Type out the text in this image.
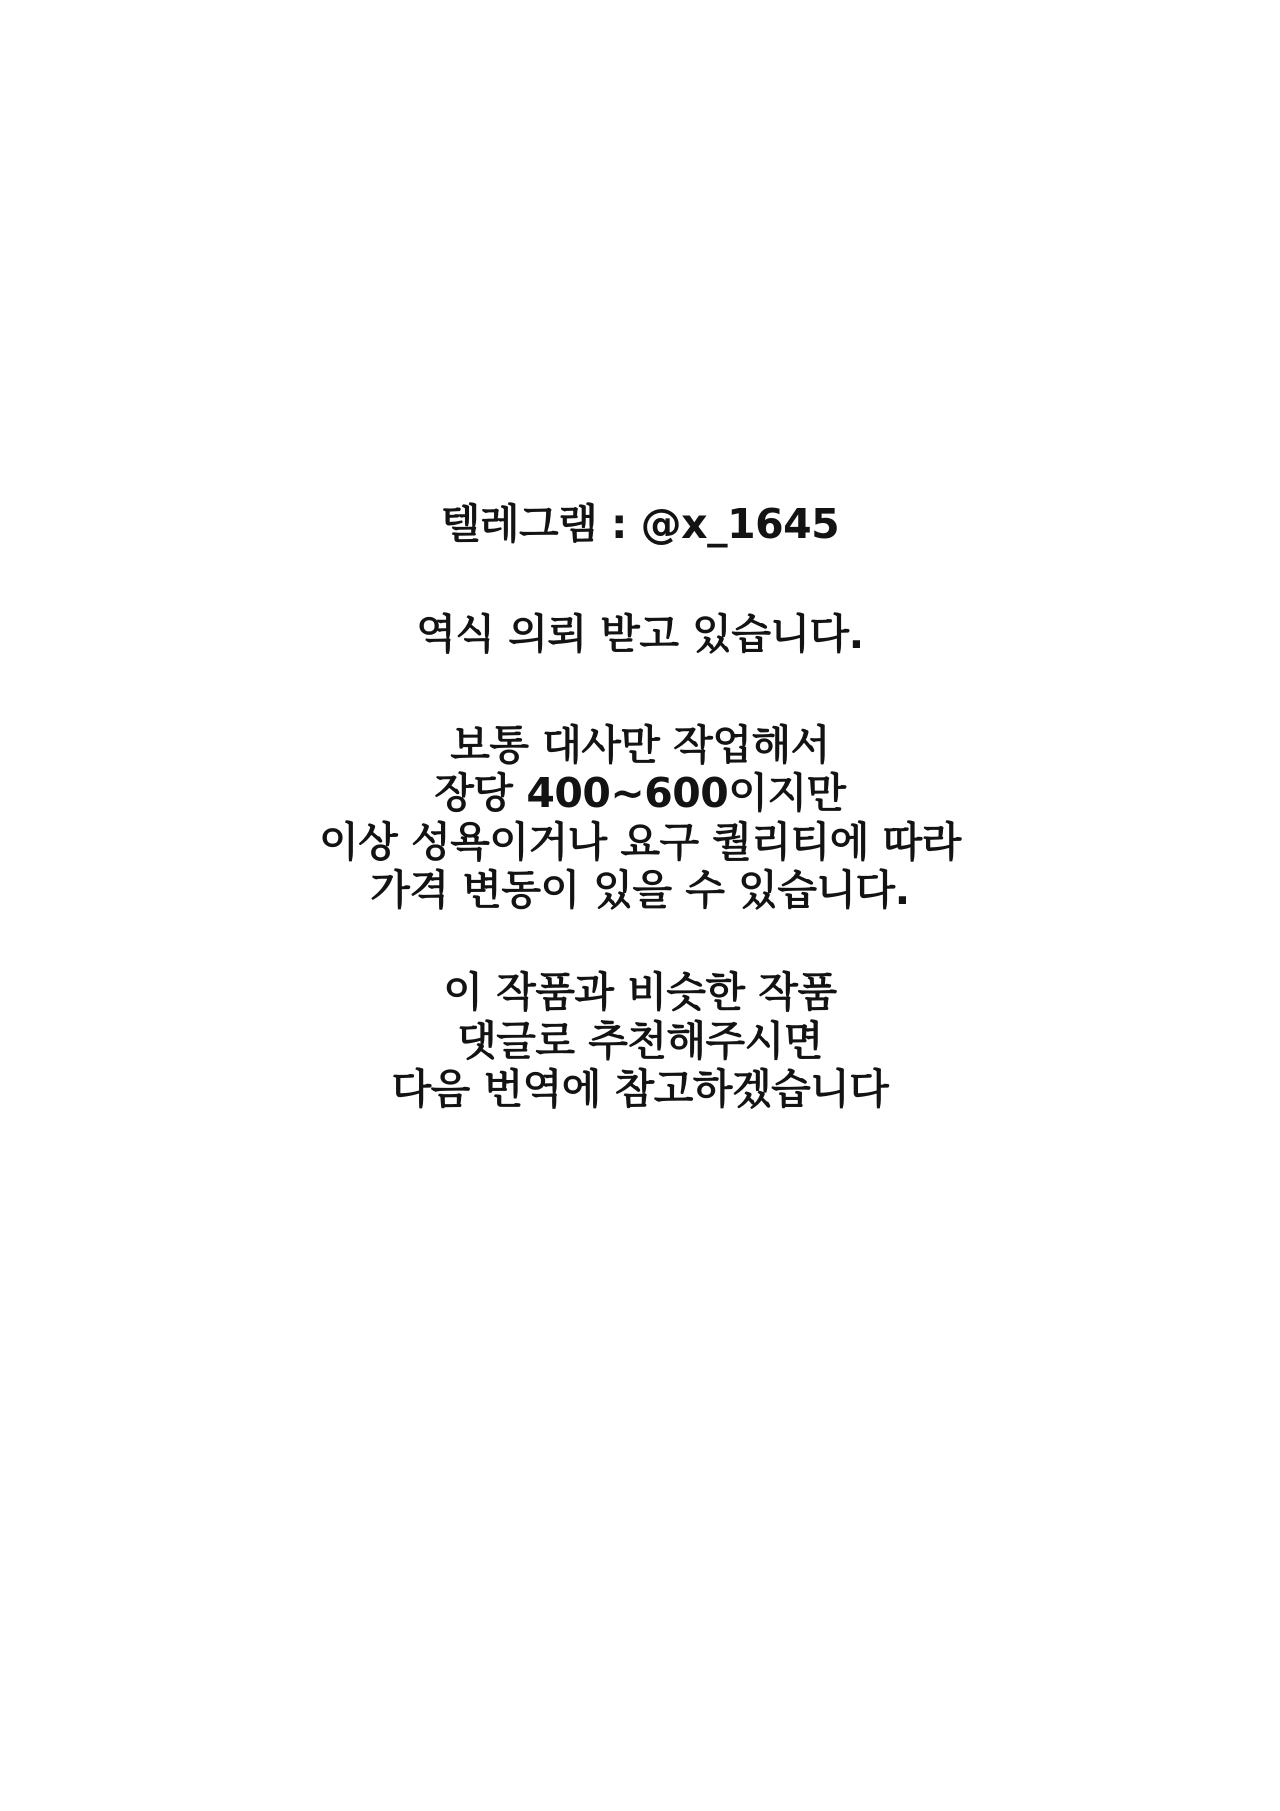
텔레그램 : @x_1645
역식 의뢰 받고 있습니다.
보통 대사만 작업해서
장당 400~600이지만
이상 성욕이거나 요구 퀄리티에 따라
가격 변동이 있을 수 있습니다.
이 작품과 비슷한 작품
댓글로 추천해주시면
다음 번역에 참고하겠습니다
